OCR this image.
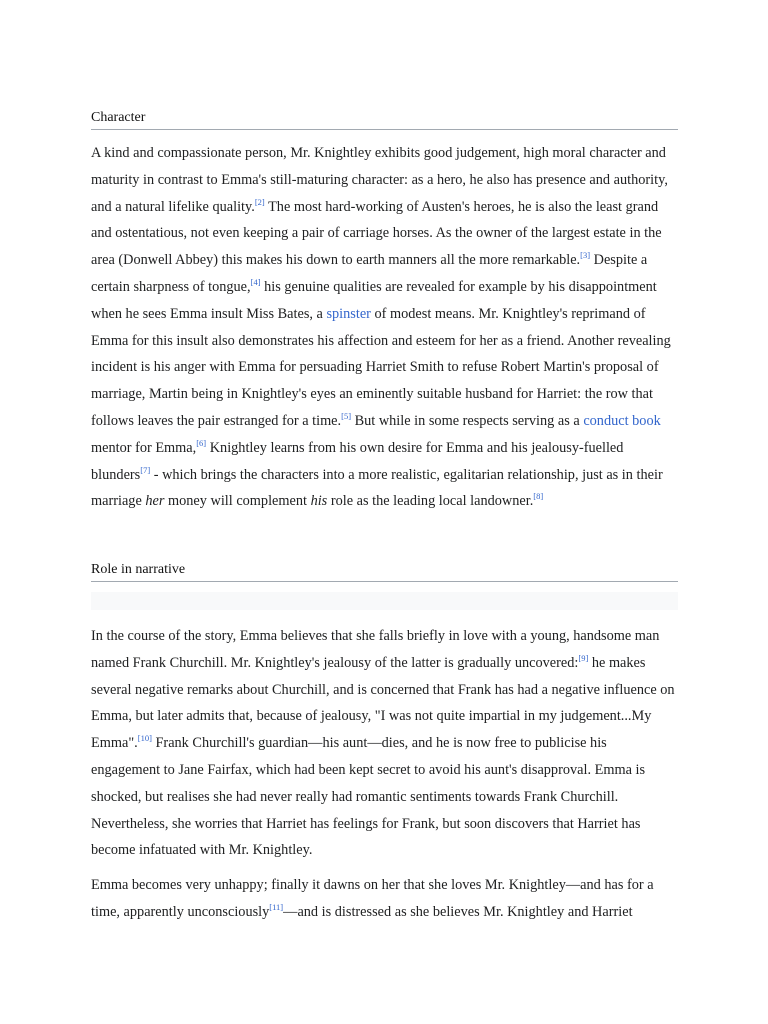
Character

A kind and compassionate person, Mr. Knightley exhibits good judgement, high moral character and maturity in contrast to Emma's still-maturing character: as a hero, he also has presence and authority, and a natural lifelike quality.[2] The most hard-working of Austen's heroes, he is also the least grand and ostentatious, not even keeping a pair of carriage horses. As the owner of the largest estate in the area (Donwell Abbey) this makes his down to earth manners all the more remarkable.[3] Despite a certain sharpness of tongue,[4] his genuine qualities are revealed for example by his disappointment when he sees Emma insult Miss Bates, a spinster of modest means. Mr. Knightley's reprimand of Emma for this insult also demonstrates his affection and esteem for her as a friend. Another revealing incident is his anger with Emma for persuading Harriet Smith to refuse Robert Martin's proposal of marriage, Martin being in Knightley's eyes an eminently suitable husband for Harriet: the row that follows leaves the pair estranged for a time.[5] But while in some respects serving as a conduct book mentor for Emma,[6] Knightley learns from his own desire for Emma and his jealousy-fuelled blunders[7] - which brings the characters into a more realistic, egalitarian relationship, just as in their marriage her money will complement his role as the leading local landowner.[8]

Role in narrative

In the course of the story, Emma believes that she falls briefly in love with a young, handsome man named Frank Churchill. Mr. Knightley's jealousy of the latter is gradually uncovered:[9] he makes several negative remarks about Churchill, and is concerned that Frank has had a negative influence on Emma, but later admits that, because of jealousy, "I was not quite impartial in my judgement...My Emma".[10] Frank Churchill's guardian—his aunt—dies, and he is now free to publicise his engagement to Jane Fairfax, which had been kept secret to avoid his aunt's disapproval. Emma is shocked, but realises she had never really had romantic sentiments towards Frank Churchill. Nevertheless, she worries that Harriet has feelings for Frank, but soon discovers that Harriet has become infatuated with Mr. Knightley.

Emma becomes very unhappy; finally it dawns on her that she loves Mr. Knightley—and has for a time, apparently unconsciously[11]—and is distressed as she believes Mr. Knightley and Harriet
